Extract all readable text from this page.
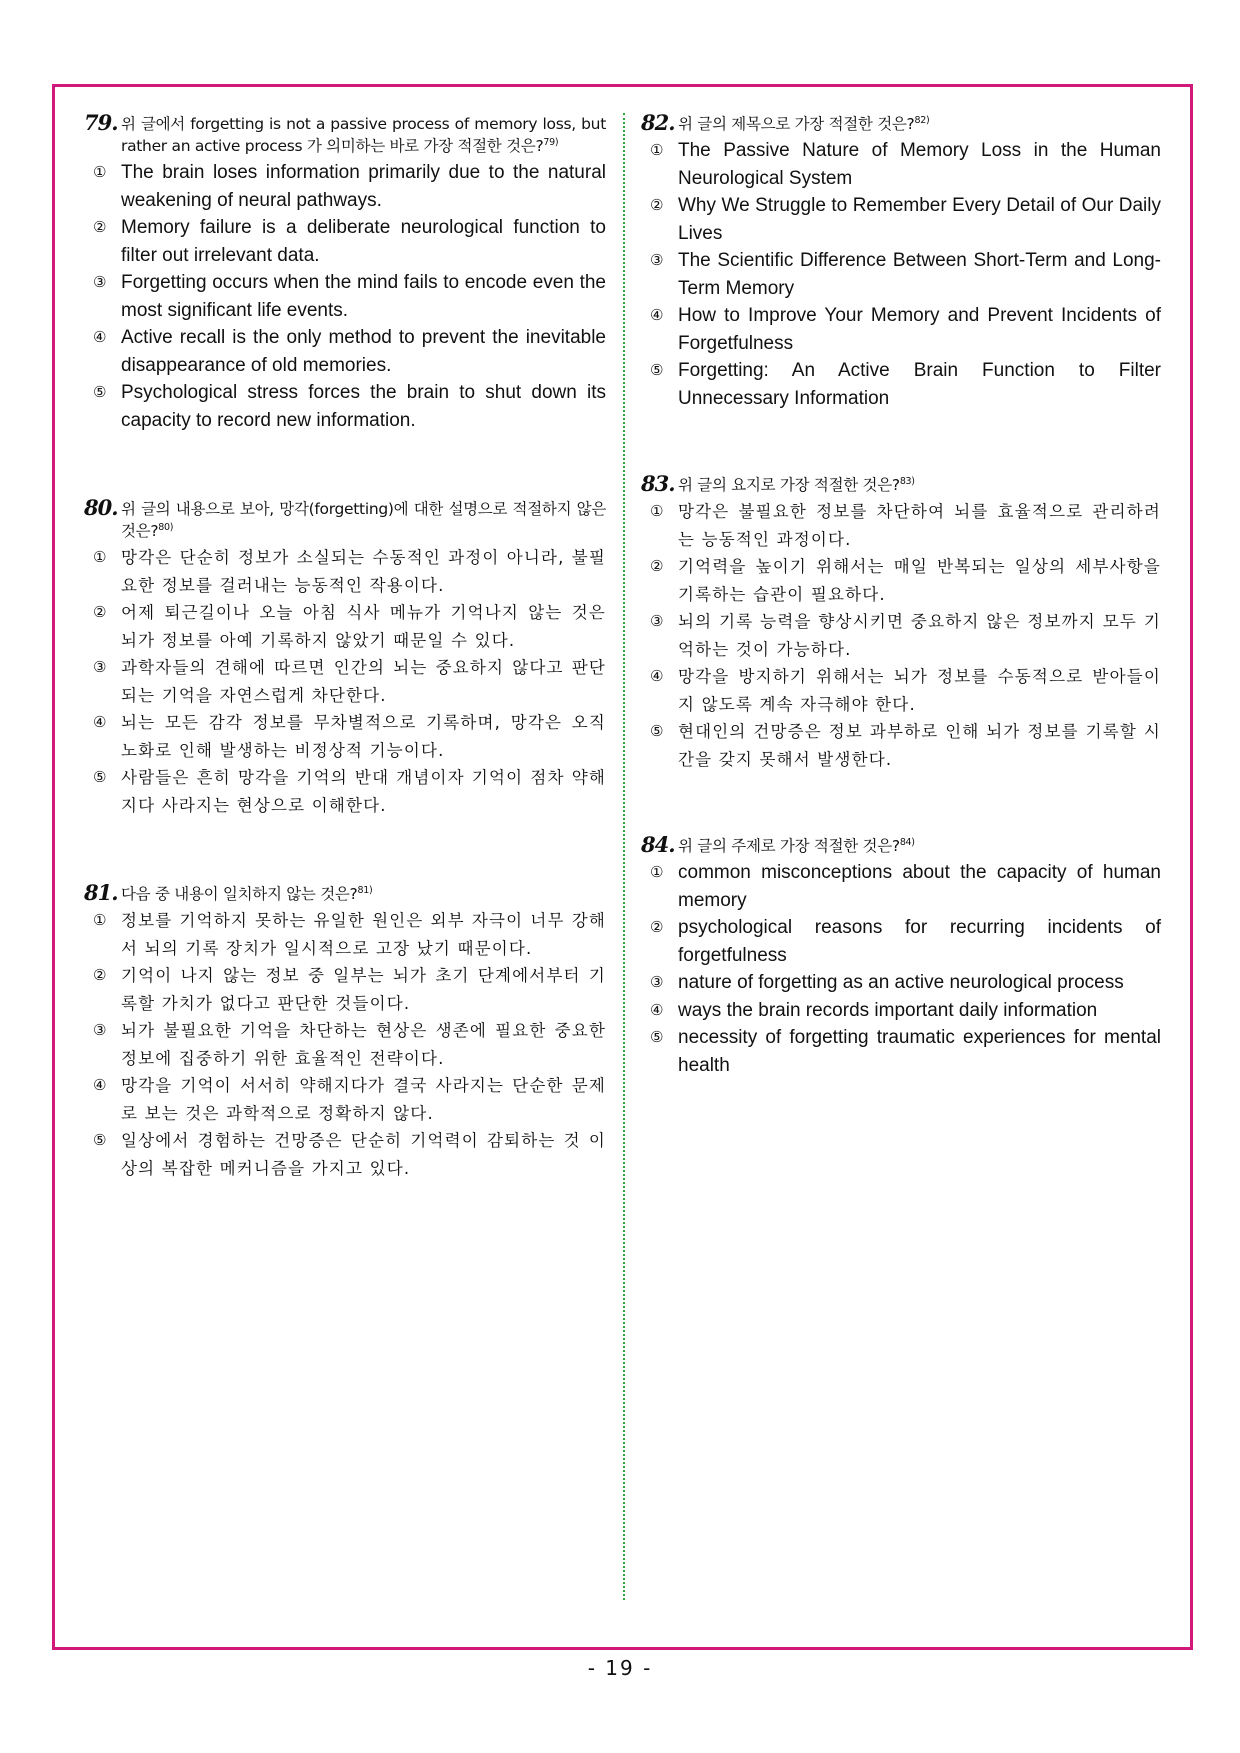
79. 위 글에서 forgetting is not a passive process of memory loss, but rather an active process 가 의미하는 바로 가장 적절한 것은?$^{79)}$
① The brain loses information primarily due to the natural weakening of neural pathways.
② Memory failure is a deliberate neurological function to filter out irrelevant data.
③ Forgetting occurs when the mind fails to encode even the most significant life events.
④ Active recall is the only method to prevent the inevitable disappearance of old memories.
⑤ Psychological stress forces the brain to shut down its capacity to record new information.
80. 위 글의 내용으로 보아, 망각(forgetting)에 대한 설명으로 적절하지 않은 것은?$^{80)}$
① 망각은 단순히 정보가 소실되는 수동적인 과정이 아니라, 불필요한 정보를 걸러내는 능동적인 작용이다.
② 어제 퇴근길이나 오늘 아침 식사 메뉴가 기억나지 않는 것은 뇌가 정보를 아예 기록하지 않았기 때문일 수 있다.
③ 과학자들의 견해에 따르면 인간의 뇌는 중요하지 않다고 판단되는 기억을 자연스럽게 차단한다.
④ 뇌는 모든 감각 정보를 무차별적으로 기록하며, 망각은 오직 노화로 인해 발생하는 비정상적 기능이다.
⑤ 사람들은 흔히 망각을 기억의 반대 개념이자 기억이 점차 약해지다 사라지는 현상으로 이해한다.
81. 다음 중 내용이 일치하지 않는 것은?$^{81)}$
① 정보를 기억하지 못하는 유일한 원인은 외부 자극이 너무 강해서 뇌의 기록 장치가 일시적으로 고장 났기 때문이다.
② 기억이 나지 않는 정보 중 일부는 뇌가 초기 단계에서부터 기록할 가치가 없다고 판단한 것들이다.
③ 뇌가 불필요한 기억을 차단하는 현상은 생존에 필요한 중요한 정보에 집중하기 위한 효율적인 전략이다.
④ 망각을 기억이 서서히 약해지다가 결국 사라지는 단순한 문제로 보는 것은 과학적으로 정확하지 않다.
⑤ 일상에서 경험하는 건망증은 단순히 기억력이 감퇴하는 것 이상의 복잡한 메커니즘을 가지고 있다.
82. 위 글의 제목으로 가장 적절한 것은?$^{82)}$
① The Passive Nature of Memory Loss in the Human Neurological System
② Why We Struggle to Remember Every Detail of Our Daily Lives
③ The Scientific Difference Between Short-Term and Long-Term Memory
④ How to Improve Your Memory and Prevent Incidents of Forgetfulness
⑤ Forgetting: An Active Brain Function to Filter Unnecessary Information
83. 위 글의 요지로 가장 적절한 것은?$^{83)}$
① 망각은 불필요한 정보를 차단하여 뇌를 효율적으로 관리하려는 능동적인 과정이다.
② 기억력을 높이기 위해서는 매일 반복되는 일상의 세부사항을 기록하는 습관이 필요하다.
③ 뇌의 기록 능력을 향상시키면 중요하지 않은 정보까지 모두 기억하는 것이 가능하다.
④ 망각을 방지하기 위해서는 뇌가 정보를 수동적으로 받아들이지 않도록 계속 자극해야 한다.
⑤ 현대인의 건망증은 정보 과부하로 인해 뇌가 정보를 기록할 시간을 갖지 못해서 발생한다.
84. 위 글의 주제로 가장 적절한 것은?$^{84)}$
① common misconceptions about the capacity of human memory
② psychological reasons for recurring incidents of forgetfulness
③ nature of forgetting as an active neurological process
④ ways the brain records important daily information
⑤ necessity of forgetting traumatic experiences for mental health
- 19 -
